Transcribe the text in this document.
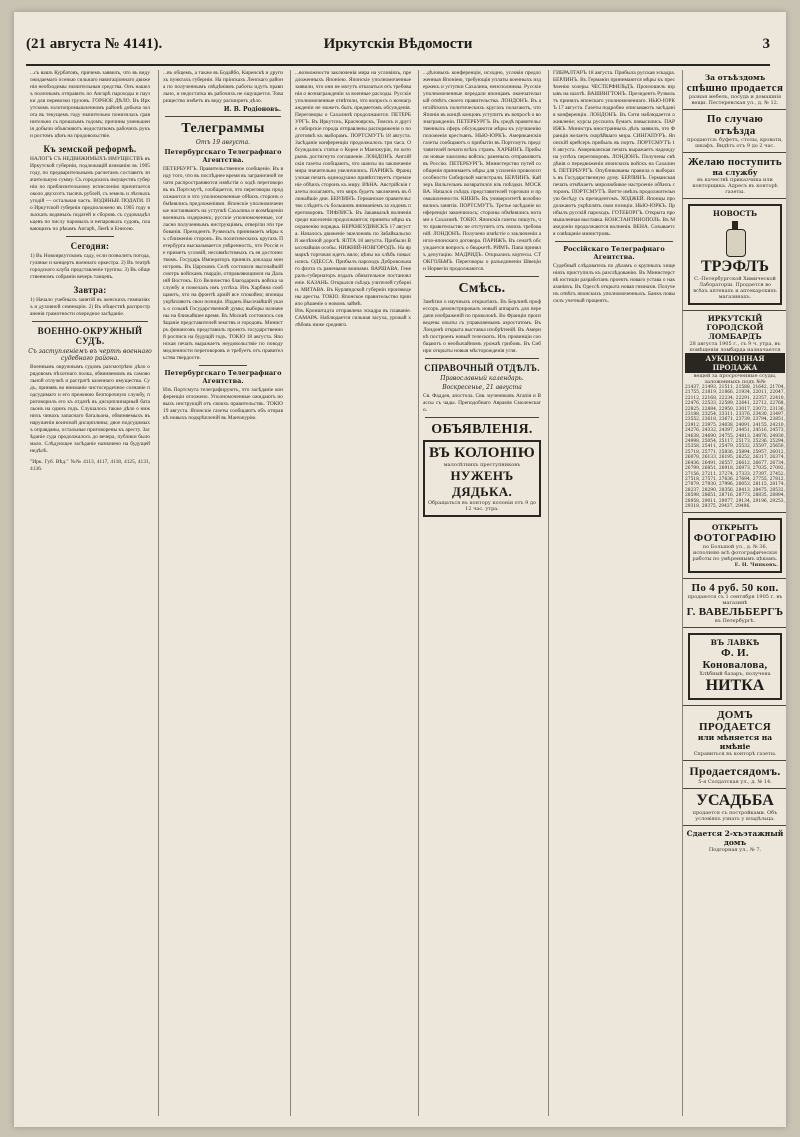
(21 августа № 4141).	Иркутскія Вѣдомости	3
...съ вашъ Курбатовъ, причемъ заявилъ, что въ виду ожидаемаго осенью сильнаго навигаціоннаго движенія необходимы значительныя средства. Онъ нашелъ полезнымъ отправить по Ангарѣ пароходы и паузки для перевозки грузовъ. ГОРНОЕ ДѢЛО. Въ Иркутскомъ золотопромышленномъ районѣ добыча золота въ текущемъ году значительно понизилась сравнительно съ прошлымъ годомъ; причины уменьшенія добычи объясняютъ недостаткомъ рабочихъ рукъ и ростомъ цѣнъ на продовольствіе.
Къ земской реформѣ.
НАЛОГЪ СЪ НЕДВИЖИМЫХЪ ИМУЩЕСТВЪ въ Иркутской губерніи, подлежащій взиманію въ 1905 году, по предварительнымъ расчетамъ составитъ значительную сумму. Съ городскихъ имуществъ губерніи по приблизительному исчисленію причитается около двухсотъ тысячъ рублей, съ земель и лѣсныхъ угодій — остальная часть. ВОДЯНЫЕ ПОДАТИ. По Иркутской губерніи предположено въ 1905 году взыскать водяныхъ податей и сборовъ съ судовладѣльцевъ по числу паровыхъ и непаровыхъ судовъ, плавающихъ по рѣкамъ Ангарѣ, Ленѣ и Енисею.
Сегодня:
1) Въ Новоиркутскомъ саду, если позволитъ погода, гулянье и концертъ военнаго оркестра. 2) Въ театрѣ городского клуба представленіе труппы. 3) Въ общественномъ собраніи вечеръ танцевъ.
Завтра:
1) Начало учебныхъ занятій въ женскихъ гимназіяхъ и духовной семинаріи. 2) Въ обществѣ распространенія грамотности очередное засѣданіе.
ВОЕННО-ОКРУЖНЫЙ СУДЪ.
Съ заступленіемъ въ чертѣ военнаго судебнаго района.
Военнымъ окружнымъ судомъ разсмотрѣно дѣло о рядовомъ пѣхотнаго полка, обвиняемомъ въ самовольной отлучкѣ и растратѣ казеннаго имущества. Судъ, принявъ во вниманіе чистосердечное сознаніе подсудимаго и его прежнюю безпорочную службу, приговорилъ его къ отдачѣ въ дисциплинарный батальонъ на одинъ годъ. Слушалось также дѣло о нижнихъ чинахъ запаснаго батальона, обвиняемыхъ въ нарушеніи воинской дисциплины; двое подсудимыхъ оправданы, остальные приговорены къ аресту. Засѣданіе суда продолжалось до вечера, публики было мало. Слѣдующее засѣданіе назначено на будущей недѣлѣ.
"Ирк. Губ. Вѣд." №№ 4113, 4117, 4118, 4125, 4131, 4136.
...въ общемъ, а также въ Бодайбо, Киренскѣ и другихъ пунктахъ губерніи. На пріискахъ Ленскаго района по полученнымъ свѣдѣніямъ работы идутъ правильно, и недостатка въ рабочихъ не ощущается. Товарищество имѣетъ въ виду расширить дѣло.
И. В. Родіоновъ.
Телеграммы
Отъ 19 августа.
Петербургскаго Телеграфнаго Агентства.
ПЕТЕРБУРГЪ. Правительственное сообщеніе. Въ виду того, что въ послѣднее время въ заграничной печати распространяются извѣстія о ходѣ переговоровъ въ Портсмутѣ, сообщается, что переговоры продолжаются и что уполномоченные обѣихъ сторонъ обмѣнялись предложеніями. Японскіе уполномоченные настаиваютъ на уступкѣ Сахалина и возмѣщеніи военныхъ издержекъ; русскіе уполномоченные, согласно полученнымъ инструкціямъ, отвергли эти требованія. Президентъ Рузвельтъ принимаетъ мѣры къ сближенію сторонъ. Въ политическихъ кругахъ Петербурга высказывается увѣренность, что Россія не приметъ условій, несовмѣстимыхъ съ ея достоинствомъ. Государь Императоръ принялъ доклады министровъ. Въ Царскомъ Селѣ состоялся высочайшій смотръ войскамъ гвардіи, отправляющимся на Дальній Востокъ. Его Величество благодарилъ войска за службу и пожелалъ имъ успѣха. Изъ Харбина сообщаютъ, что на фронтѣ армій все спокойно; японцы укрѣпляютъ свои позиціи. Изданъ Высочайшій указъ о созывѣ Государственной думы; выборы назначены на ближайшее время. Въ Москвѣ состоялось совѣщаніе представителей земствъ и городовъ. Министръ финансовъ представилъ проектъ государственной росписи на будущій годъ. ТОКІО 18 августа. Японская печать выражаетъ неудовольствіе по поводу медленности переговоровъ и требуетъ отъ правительства твердости.
Петербургскаго Телеграфнаго Агентства.
Изъ Портсмута телеграфируютъ, что засѣданіе конференціи отложено. Уполномоченные ожидаютъ новыхъ инструкцій отъ своихъ правительствъ. ТОКІО 19 августа. Японскіе газеты сообщаютъ объ отправкѣ новыхъ подкрѣпленій въ Манчжурію.
...возможности заключенія мира на условіяхъ, предложенныхъ Японіею. Японскіе уполномоченные заявили, что они не могутъ отказаться отъ требованія о вознагражденіи за военные расходы. Русскіе уполномоченные отвѣтили, что вопросъ о вознагражденіи не можетъ быть предметомъ обсужденія. Переговоры о Сахалинѣ продолжаются. ПЕТЕРБУРГЪ. Въ Иркутскъ, Красноярскъ, Томскъ и другіе сибирскіе города отправлены распоряженія о подготовкѣ къ выборамъ. ПОРТСМУТЪ 18 августа. Засѣданіе конференціи продолжалось три часа. Обсуждались статьи о Корее и Манчжуріи, по которымъ достигнуто соглашеніе. ЛОНДОНЪ. Англійскія газеты сообщаютъ, что шансы на заключеніе мира значительно увеличились. ПАРИЖЪ. Французская печать единодушно привѣтствуетъ стремленіе обѣихъ сторонъ къ миру. ВѢНА. Австрійскія газеты полагаютъ, что миръ будетъ заключенъ въ ближайшіе дни. БЕРЛИНЪ. Германское правительство слѣдитъ съ большимъ вниманіемъ за ходомъ переговоровъ. ТИФЛИСЪ. Въ Закавказьѣ волненія среди населенія продолжаются; приняты мѣры къ охраненію порядка. ВЕРХНЕУДИНСКЪ 17 августа. Началось движеніе эшелоновъ по Забайкальской желѣзной дорогѣ. ЯЛТА 18 августа. Прибыли Высочайшія особы. НИЖНІЙ-НОВГОРОДЪ. На ярмаркѣ торговля идетъ вяло; цѣны на хлѣбъ повысились. ОДЕССА. Прибылъ пароходъ Добровольнаго флота съ ранеными воинами. ВАРШАВА. Генералъ-губернаторъ издалъ обязательное постановленіе. КАЗАНЬ. Открылся съѣздъ учителей губерніи. МИТАВА. Въ Курляндской губерніи произведены аресты. ТОКІО. Японское правительство приняло рѣшеніе о новомъ займѣ.
Изъ Кронштадта отправлена эскадра въ плаваніе. САМАРА. Наблюдается сильная засуха, урожай хлѣбовъ ниже средняго.
...дѣловыхъ конференціи, исходно, условія предложенныя Японіею, требующія уплаты военныхъ издержекъ и уступки Сахалина, неисполнимы. Русскіе уполномоченные передали японцамъ окончательный отвѣтъ своего правительства. ЛОНДОНЪ. Въ англійскихъ политическихъ кругахъ полагаютъ, что Японія въ концѣ концовъ уступитъ въ вопросѣ о вознагражденіи. ПЕТЕРБУРГЪ. Въ средѣ правительственныхъ сферъ обсуждаются мѣры къ улучшенію положенія крестьянъ. НЬЮ-ІОРКЪ. Американскія газеты сообщаютъ о прибытіи въ Портсмутъ представителей печати всѣхъ странъ. ХАРБИНЪ. Прибыли новые эшелоны войскъ; раненыхъ отправляютъ въ Россію. ПЕТЕРБУРГЪ. Министерство путей сообщенія принимаетъ мѣры для усиленія провозоспособности Сибирской магистрали. БЕРЛИНЪ. Кайзеръ Вильгельмъ возвратился изъ поѣздки. МОСКВА. Начался съѣздъ представителей торговли и промышленности. КИЕВЪ. Въ университетѣ возобновились занятія. ПОРТСМУТЪ. Третье засѣданіе конференціи закончилось; стороны обмѣнялись нотами о Сахалинѣ. ТОКІО. Японскія газеты пишутъ, что правительство не отступитъ отъ своихъ требованій. ЛОНДОНЪ. Получено извѣстіе о заключеніи англо-японскаго договора. ПАРИЖЪ. Въ сенатѣ обсуждается вопросъ о бюджетѣ. РИМЪ. Папа принялъ депутацію. МАДРИДЪ. Открылись кортесы. СТОКГОЛЬМЪ. Переговоры о разъединеніи Швеціи и Норвегіи продолжаются.
Смѣсь.
Замѣтки о научныхъ открытіяхъ. Въ Берлинѣ профессоръ демонстрировалъ новый аппаратъ для передачи изображеній по проволокѣ. Во Франціи произведены опыты съ управляемымъ аэростатомъ. Въ Лондонѣ открыта выставка изобрѣтеній. Въ Америкѣ построенъ новый телескопъ. Изъ провинціи сообщаютъ о необычайномъ урожаѣ грибовъ. Въ Сибири открыты новыя мѣсторожденія угля.
СПРАВОЧНЫЙ ОТДѢЛЪ.
Православный календарь.
Воскресенье, 21 августа
Св. Фаддея, апостола. Свв. мучениковъ Агапія и Вассы съ чады. Преподобнаго Аврамія Смоленскаго.
ОБЪЯВЛЕНІЯ.
ВЪ КОЛОНІЮ
малолѣтнихъ преступниковъ
НУЖЕНЪ ДЯДЬКА.
Обращаться въ контору колоніи отъ 9 до 12 час. утра.
ГИБРАЛТАРЪ 18 августа. Прибыла русская эскадра. БЕРЛИНЪ. Въ Германіи принимаются мѣры къ пресѣченію холеры. ЧЕСТЕРФИЛЬДЪ. Произошелъ взрывъ на шахтѣ. ВАШИНГТОНЪ. Президентъ Рузвельтъ принялъ японскаго уполномоченнаго. НЬЮ-ІОРКЪ 17 августа. Газеты подробно описываютъ засѣданія конференціи. ЛОНДОНЪ. Въ Сити наблюдается оживленіе; курсы русскихъ бумагъ повысились. ПАРИЖЪ. Министръ иностранныхъ дѣлъ заявилъ, что Франція желаетъ скорѣйшаго мира. СИНГАПУРЪ. Японскій крейсеръ прибылъ въ портъ. ПОРТСМУТЪ 18 августа. Американская печать выражаетъ надежду на успѣхъ переговоровъ. ЛОНДОНЪ. Получены свѣдѣнія о передвиженіи японскихъ войскъ на Сахалинѣ. ПЕТЕРБУРГЪ. Опубликованы правила о выборахъ въ Государственную думу. БЕРЛИНЪ. Германская печать отмѣчаетъ миролюбивое настроеніе обѣихъ сторонъ. ПОРТСМУТЪ. Витте имѣлъ продолжительную бесѣду съ президентомъ. ХОДЖЕЙ. Японцы продолжаютъ укрѣплять свои позиціи. НЬЮ-ІОРКЪ. Прибылъ русскій пароходъ. ГОТЕБОРГЪ. Открыта промышленная выставка. КОНСТАНТИНОПОЛЬ. Въ Македоніи продолжаются волненія. ВЕНА. Созывается совѣщаніе министровъ.
Россійскаго Телеграфнаго Агентства.
Судебный слѣдователь по дѣламъ о крупныхъ хищеніяхъ приступилъ къ разслѣдованію. Въ Министерствѣ юстиціи разработанъ проектъ новаго устава о наказаніяхъ. Въ Одессѣ открыта новая гимназія. Полученъ отвѣтъ японскихъ уполномоченныхъ. Банкъ повысилъ учетный процентъ.
За отъѣздомъ
спѣшно продается
разная мебель, посуда и домашнія вещи. Пестеревская ул., д. № 12.
По случаю отъѣзда
продаются: буфетъ, столы, кровати, шкафъ. Видѣть отъ 9 до 2 час.
Желаю поступить
на службу
въ качествѣ приказчика или конторщика. Адресъ въ конторѣ газеты.
НОВОСТЬ
ТРЭФЛЪ
С.-Петербургской Химической Лабораторіи. Продается во всѣхъ аптекахъ и аптекарскихъ магазинахъ.
ИРКУТСКІЙ
ГОРОДСКОЙ ЛОМБАРДЪ
28 августа 1905 г., съ 9 ч. утра, въ помѣщеніи ломбарда назначается
АУКЦІОННАЯ ПРОДАЖА
вещей за просроченные ссуды, заложенныхъ подъ №№
21437, 21493, 21511, 21588, 21642, 21704, 21755, 21819, 21866, 21934, 22011, 22047, 22112, 22168, 22234, 22291, 22357, 22410, 22476, 22533, 22589, 22641, 22712, 22768, 22825, 22884, 22950, 23017, 23072, 23136, 23188, 23254, 23311, 23376, 23430, 23497, 23552, 23618, 23671, 23739, 23794, 23851, 23912, 23975, 24038, 24091, 24155, 24210, 24276, 24332, 24397, 24451, 24516, 24573, 24638, 24690, 24755, 24813, 24876, 24930, 24998, 25054, 25117, 25173, 25236, 25294, 25358, 25411, 25479, 25532, 25597, 25650, 25718, 25771, 25836, 25894, 25957, 26012, 26078, 26133, 26195, 26252, 26317, 26374, 26436, 26491, 26557, 26612, 26677, 26734, 26799, 26851, 26918, 26973, 27035, 27092, 27156, 27211, 27274, 27333, 27397, 27452, 27518, 27571, 27636, 27694, 27755, 27812, 27879, 27930, 27996, 28053, 28115, 28174, 28237, 28290, 28356, 28413, 28475, 28532, 28598, 28651, 28716, 28773, 28835, 28894, 28958, 29011, 29077, 29134, 29196, 29253, 29318, 29375, 29437, 29496.
ОТКРЫТЪ
ФОТОГРАФІЮ
по Большой ул., д. № 36, исполняю всѣ фотографическія работы по умѣреннымъ цѣнамъ.
Е. Н. Чипковъ.
По 4 руб. 50 коп.
продаются съ 1 сентября 1905 г. въ магазинѣ
Г. ВАВЕЛЬБЕРГЪ
въ Петербургѣ.
ВЪ ЛАВКѢ
Ф. И. Коновалова,
Хлѣбный базаръ, получена
НИТКА
ДОМЪ ПРОДАЕТСЯ
или мѣняется на имѣніе
Справиться въ конторѣ газеты.
Продаетсядомъ.
5-я Солдатская ул., д. № 14.
УСАДЬБА
продается съ постройками. Объ условіяхъ узнать у владѣльца.
Сдается 2-хъэтажный домъ
Подгорная ул., № 7.
